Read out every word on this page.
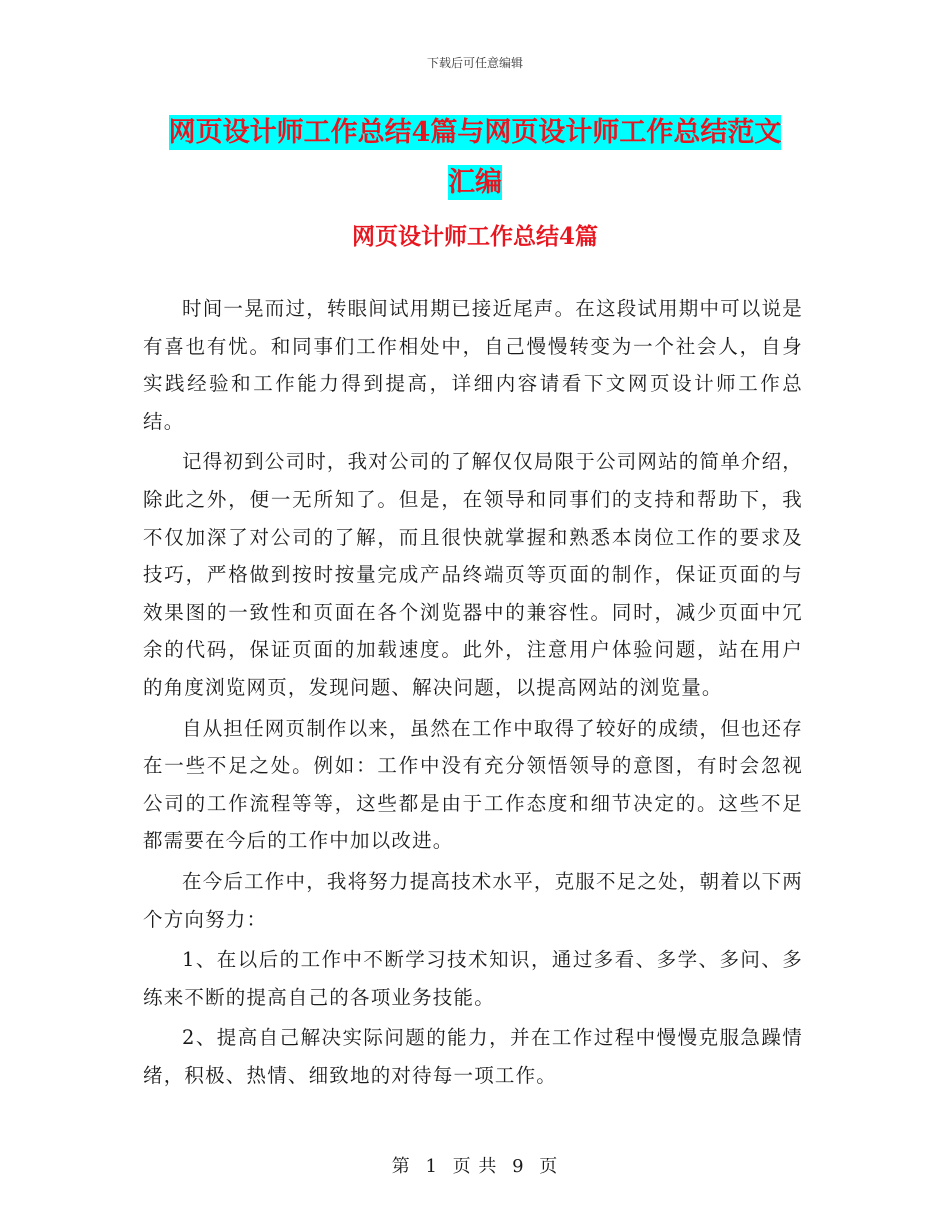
下载后可任意编辑
网页设计师工作总结4篇与网页设计师工作总结范文
汇编
网页设计师工作总结4篇

时间一晃而过，转眼间试用期已接近尾声。在这段试用期中可以说是有喜也有忧。和同事们工作相处中，自己慢慢转变为一个社会人，自身实践经验和工作能力得到提高，详细内容请看下文网页设计师工作总结。

记得初到公司时，我对公司的了解仅仅局限于公司网站的简单介绍，除此之外，便一无所知了。但是，在领导和同事们的支持和帮助下，我不仅加深了对公司的了解，而且很快就掌握和熟悉本岗位工作的要求及技巧，严格做到按时按量完成产品终端页等页面的制作，保证页面的与效果图的一致性和页面在各个浏览器中的兼容性。同时，减少页面中冗余的代码，保证页面的加载速度。此外，注意用户体验问题，站在用户的角度浏览网页，发现问题、解决问题，以提高网站的浏览量。

自从担任网页制作以来，虽然在工作中取得了较好的成绩，但也还存在一些不足之处。例如：工作中没有充分领悟领导的意图，有时会忽视公司的工作流程等等，这些都是由于工作态度和细节决定的。这些不足都需要在今后的工作中加以改进。

在今后工作中，我将努力提高技术水平，克服不足之处，朝着以下两个方向努力：

1、在以后的工作中不断学习技术知识，通过多看、多学、多问、多练来不断的提高自己的各项业务技能。

2、提高自己解决实际问题的能力，并在工作过程中慢慢克服急躁情绪，积极、热情、细致地的对待每一项工作。

第 1 页 共 9 页
